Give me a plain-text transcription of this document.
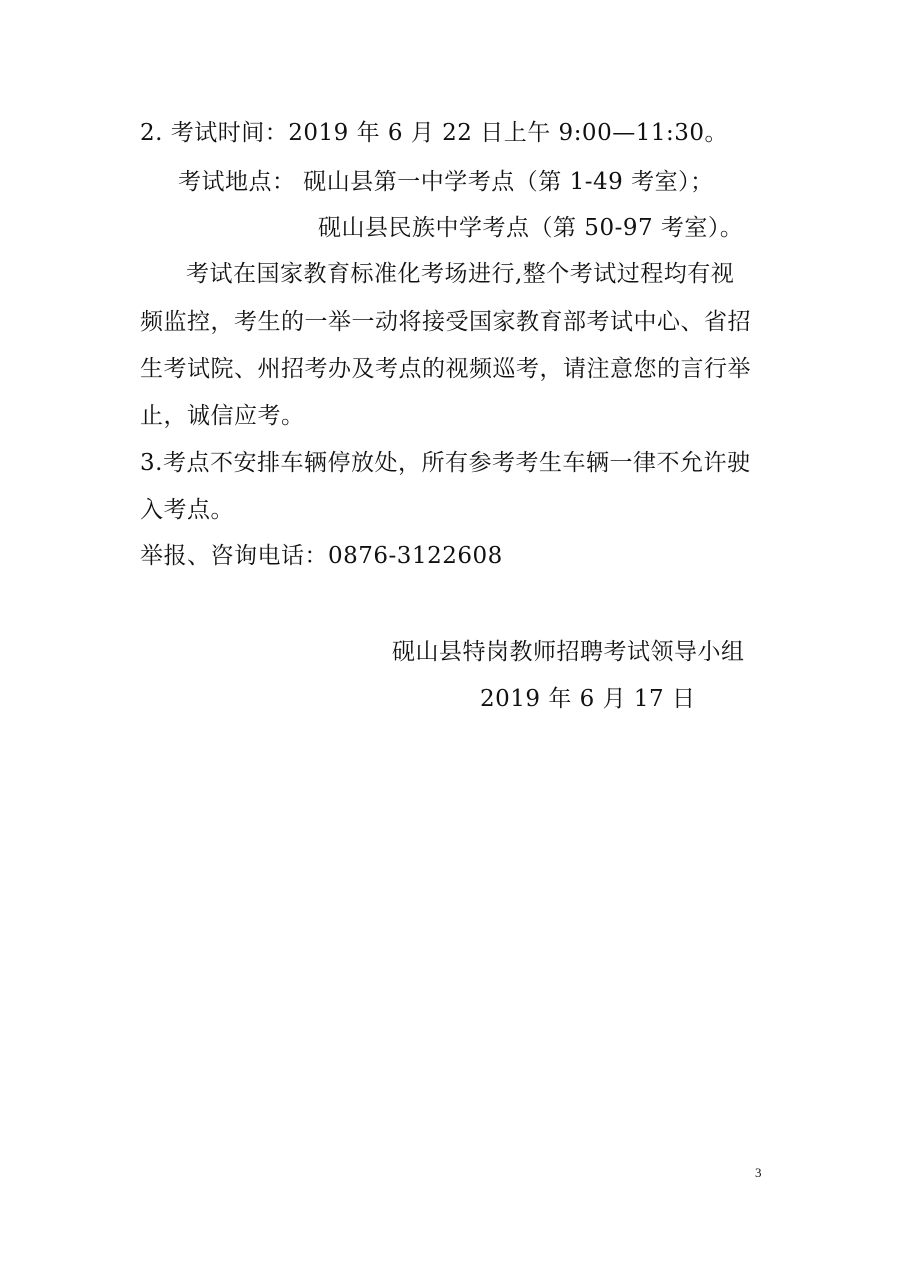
2. 考试时间：2019 年 6 月 22 日上午 9:00—11:30。
考试地点： 砚山县第一中学考点（第 1-49 考室）；
砚山县民族中学考点（第 50-97 考室）。
考试在国家教育标准化考场进行,整个考试过程均有视
频监控，考生的一举一动将接受国家教育部考试中心、省招
生考试院、州招考办及考点的视频巡考，请注意您的言行举
止，诚信应考。
3.考点不安排车辆停放处，所有参考考生车辆一律不允许驶
入考点。
举报、咨询电话：0876-3122608
砚山县特岗教师招聘考试领导小组
2019 年 6 月 17 日
3
